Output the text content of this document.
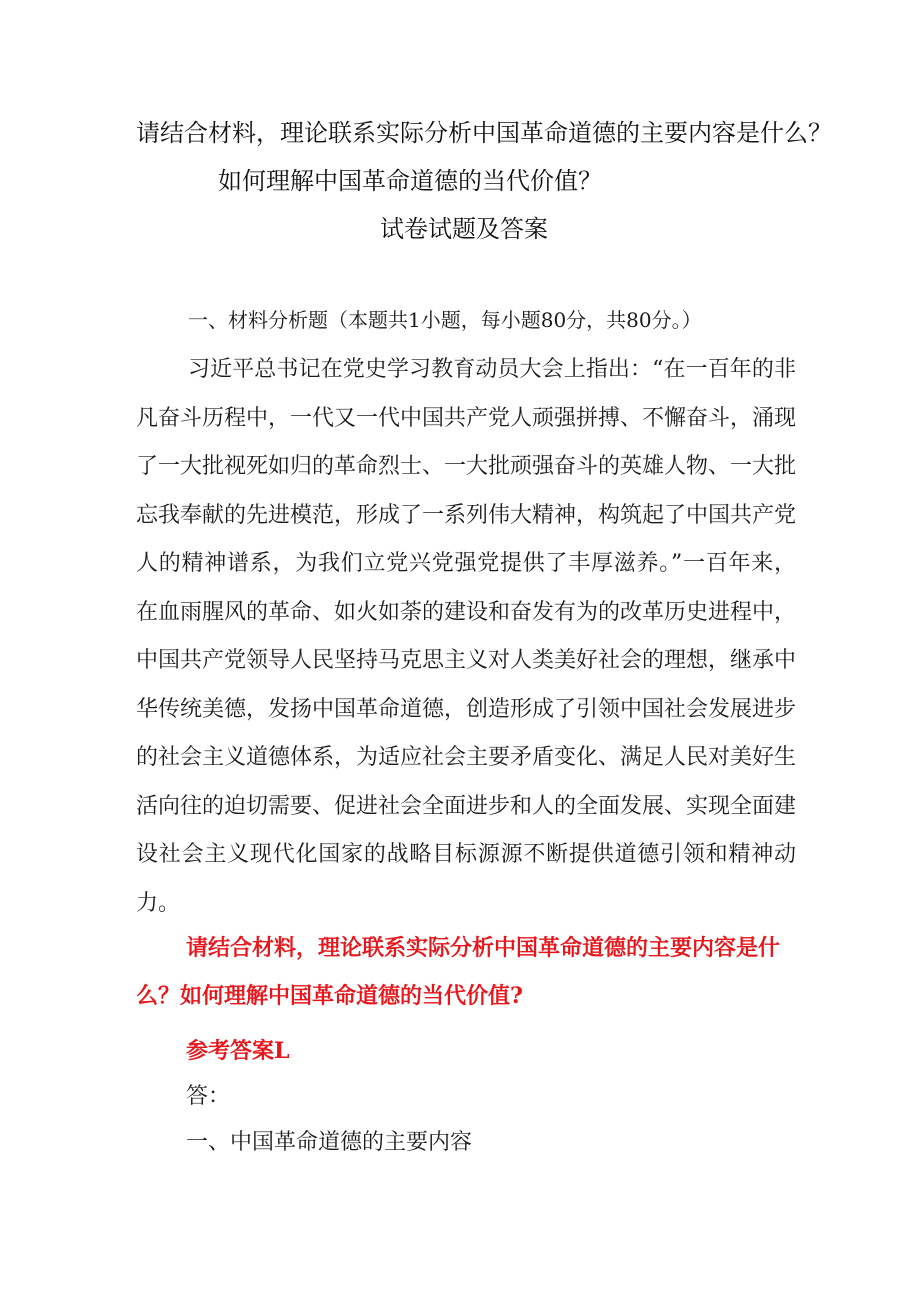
请结合材料，理论联系实际分析中国革命道德的主要内容是什么？
如何理解中国革命道德的当代价值？
试卷试题及答案
一、材料分析题（本题共1小题，每小题80分，共80分。）
习近平总书记在党史学习教育动员大会上指出：“在一百年的非凡奋斗历程中，一代又一代中国共产党人顽强拼搏、不懈奋斗，涌现了一大批视死如归的革命烈士、一大批顽强奋斗的英雄人物、一大批忘我奉献的先进模范，形成了一系列伟大精神，构筑起了中国共产党人的精神谱系，为我们立党兴党强党提供了丰厚滋养。”一百年来，在血雨腥风的革命、如火如荼的建设和奋发有为的改革历史进程中，中国共产党领导人民坚持马克思主义对人类美好社会的理想，继承中华传统美德，发扬中国革命道德，创造形成了引领中国社会发展进步的社会主义道德体系，为适应社会主要矛盾变化、满足人民对美好生活向往的迫切需要、促进社会全面进步和人的全面发展、实现全面建设社会主义现代化国家的战略目标源源不断提供道德引领和精神动力。
请结合材料，理论联系实际分析中国革命道德的主要内容是什么？如何理解中国革命道德的当代价值?
参考答案L
答：
一、中国革命道德的主要内容
